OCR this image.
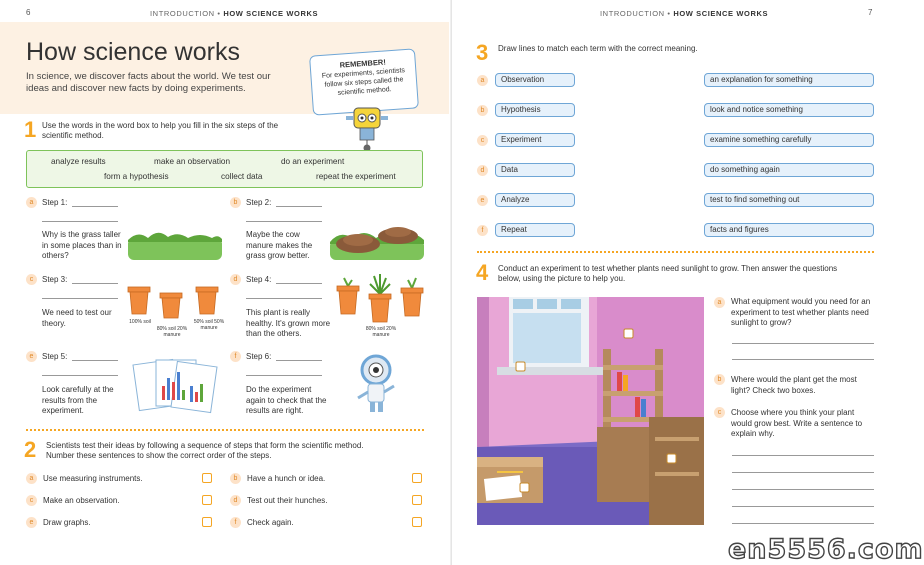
6	INTRODUCTION • HOW SCIENCE WORKS
How science works

In science, we discover facts about the world. We test our ideas and discover new facts by doing experiments.

REMEMBER!
For experiments, scientists follow six steps called the scientific method.
1 Use the words in the word box to help you fill in the six steps of the scientific method.
analyze results	make an observation	do an experiment
form a hypothesis	collect data	repeat the experiment
a	Step 1:
Why is the grass taller in some places than in others?
b	Step 2:
Maybe the cow manure makes the grass grow better.
c	Step 3:
We need to test our theory.	100% soil
80% soil 20% manure
50% soil 50% manure
d	Step 4:
This plant is really healthy. It's grown more than the others.	80% soil 20% manure
e	Step 5:
Look carefully at the results from the experiment.
f	Step 6:
Do the experiment again to check that the results are right.
2 Scientists test their ideas by following a sequence of steps that form the scientific method. Number these sentences to show the correct order of the steps.
a	Use measuring instruments.	b	Have a hunch or idea.
c	Make an observation.	d	Test out their hunches.
e	Draw graphs.	f	Check again.
INTRODUCTION • HOW SCIENCE WORKS	7
3 Draw lines to match each term with the correct meaning.
a	Observation	an explanation for something
b	Hypothesis	look and notice something
c	Experiment	examine something carefully
d	Data	do something again
e	Analyze	test to find something out
f	Repeat	facts and figures
4 Conduct an experiment to test whether plants need sunlight to grow. Then answer the questions below, using the picture to help you.
a	What equipment would you need for an experiment to test whether plants need sunlight to grow?
b	Where would the plant get the most light? Check two boxes.
c	Choose where you think your plant would grow best. Write a sentence to explain why.
en5556.com
